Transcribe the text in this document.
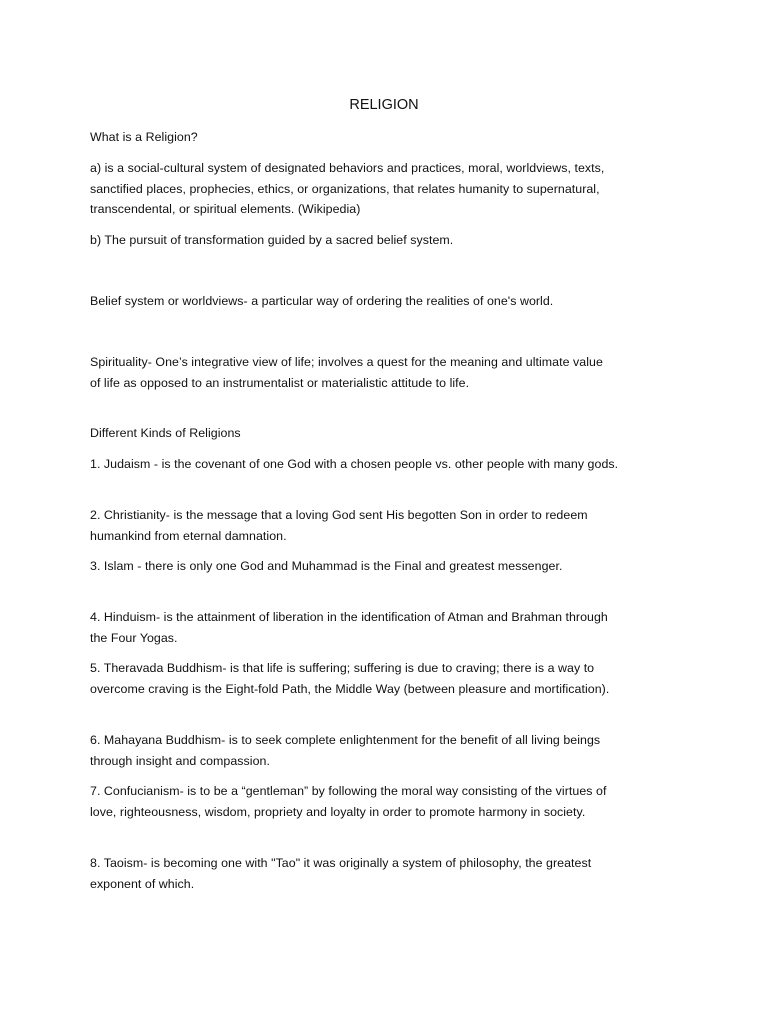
RELIGION

What is a Religion?

a) is a social-cultural system of designated behaviors and practices, moral, worldviews, texts,
sanctified places, prophecies, ethics, or organizations, that relates humanity to supernatural,
transcendental, or spiritual elements. (Wikipedia)

b) The pursuit of transformation guided by a sacred belief system.

Belief system or worldviews- a particular way of ordering the realities of one's world.

Spirituality- One’s integrative view of life; involves a quest for the meaning and ultimate value
of life as opposed to an instrumentalist or materialistic attitude to life.

Different Kinds of Religions

1. Judaism - is the covenant of one God with a chosen people vs. other people with many gods.

2. Christianity- is the message that a loving God sent His begotten Son in order to redeem
humankind from eternal damnation.

3. Islam - there is only one God and Muhammad is the Final and greatest messenger.

4. Hinduism- is the attainment of liberation in the identification of Atman and Brahman through
the Four Yogas.

5. Theravada Buddhism- is that life is suffering; suffering is due to craving; there is a way to
overcome craving is the Eight-fold Path, the Middle Way (between pleasure and mortification).

6. Mahayana Buddhism- is to seek complete enlightenment for the benefit of all living beings
through insight and compassion.

7. Confucianism- is to be a “gentleman” by following the moral way consisting of the virtues of
love, righteousness, wisdom, propriety and loyalty in order to promote harmony in society.

8. Taoism- is becoming one with "Tao" it was originally a system of philosophy, the greatest
exponent of which.
